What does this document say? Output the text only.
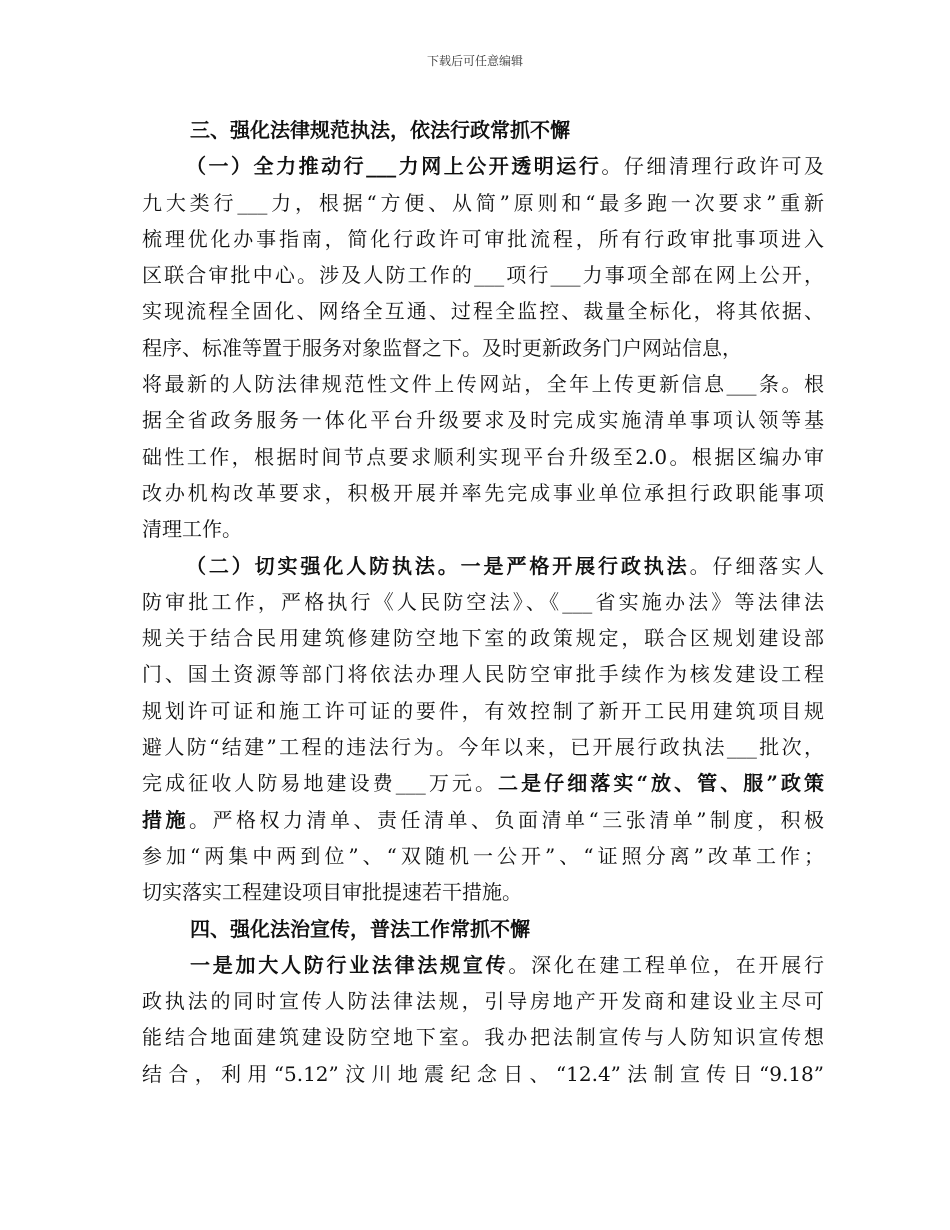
下载后可任意编辑
三、强化法律规范执法，依法行政常抓不懈
（一）全力推动行___力网上公开透明运行。仔细清理行政许可及
九大类行___力，根据“方便、从简”原则和“最多跑一次要求”重新
梳理优化办事指南，简化行政许可审批流程，所有行政审批事项进入
区联合审批中心。涉及人防工作的___项行___力事项全部在网上公开，
实现流程全固化、网络全互通、过程全监控、裁量全标化，将其依据、
程序、标准等置于服务对象监督之下。及时更新政务门户网站信息，
将最新的人防法律规范性文件上传网站，全年上传更新信息___条。根
据全省政务服务一体化平台升级要求及时完成实施清单事项认领等基
础性工作，根据时间节点要求顺利实现平台升级至2.0。根据区编办审
改办机构改革要求，积极开展并率先完成事业单位承担行政职能事项
清理工作。
（二）切实强化人防执法。一是严格开展行政执法。仔细落实人
防审批工作，严格执行《人民防空法》、《___省实施办法》等法律法
规关于结合民用建筑修建防空地下室的政策规定，联合区规划建设部
门、国土资源等部门将依法办理人民防空审批手续作为核发建设工程
规划许可证和施工许可证的要件，有效控制了新开工民用建筑项目规
避人防“结建”工程的违法行为。今年以来，已开展行政执法___批次，
完成征收人防易地建设费___万元。二是仔细落实“放、管、服”政策
措施。严格权力清单、责任清单、负面清单“三张清单”制度，积极
参加“两集中两到位”、“双随机一公开”、“证照分离”改革工作；
切实落实工程建设项目审批提速若干措施。
四、强化法治宣传，普法工作常抓不懈
一是加大人防行业法律法规宣传。深化在建工程单位，在开展行
政执法的同时宣传人防法律法规，引导房地产开发商和建设业主尽可
能结合地面建筑建设防空地下室。我办把法制宣传与人防知识宣传想
结合，利用“5.12”汶川地震纪念日、“12.4”法制宣传日“9.18”
